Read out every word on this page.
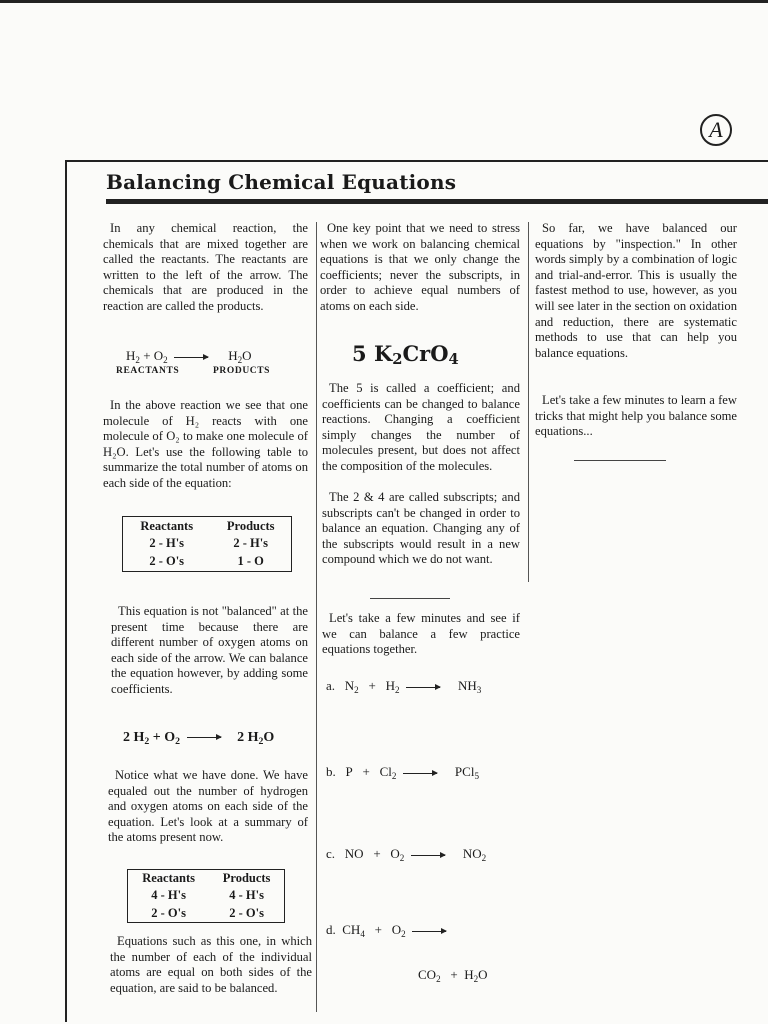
A
Balancing Chemical Equations

In any chemical reaction, the chemicals that are mixed together are called the reactants. The reactants are written to the left of the arrow. The chemicals that are produced in the reaction are called the products.

$H_2 + O_2$	$H_2O$
REACTANTS	PRODUCTS

In the above reaction we see that one molecule of H₂ reacts with one molecule of O₂ to make one molecule of H₂O. Let's use the following table to summarize the total number of atoms on each side of the equation:

Reactants	Products
2 - H's	2 - H's
2 - O's	1 - O

This equation is not "balanced" at the present time because there are different number of oxygen atoms on each side of the arrow. We can balance the equation however, by adding some coefficients.

2 $H_2 + O_2$	2 $H_2O$

Notice what we have done. We have equaled out the number of hydrogen and oxygen atoms on each side of the equation. Let's look at a summary of the atoms present now.

Reactants	Products
4 - H's	4 - H's
2 - O's	2 - O's

Equations such as this one, in which the number of each of the individual atoms are equal on both sides of the equation, are said to be balanced.

One key point that we need to stress when we work on balancing chemical equations is that we only change the coefficients; never the subscripts, in order to achieve equal numbers of atoms on each side.

5 $K_2CrO_4$

The 5 is called a coefficient; and coefficients can be changed to balance reactions. Changing a coefficient simply changes the number of molecules present, but does not affect the composition of the molecules.

The 2 & 4 are called subscripts; and subscripts can't be changed in order to balance an equation. Changing any of the subscripts would result in a new compound which we do not want.

Let's take a few minutes and see if we can balance a few practice equations together.

a. $N_2 + H_2$	$NH_3$
b. $P + Cl_2$	PCl$_5$
c. NO + $O_2$	$NO_2$
d. $CH_4 + O_2$
$CO_2 + H_2O$

So far, we have balanced our equations by "inspection." In other words simply by a combination of logic and trial-and-error. This is usually the fastest method to use, however, as you will see later in the section on oxidation and reduction, there are systematic methods to use that can help you balance equations.

Let's take a few minutes to learn a few tricks that might help you balance some equations...
